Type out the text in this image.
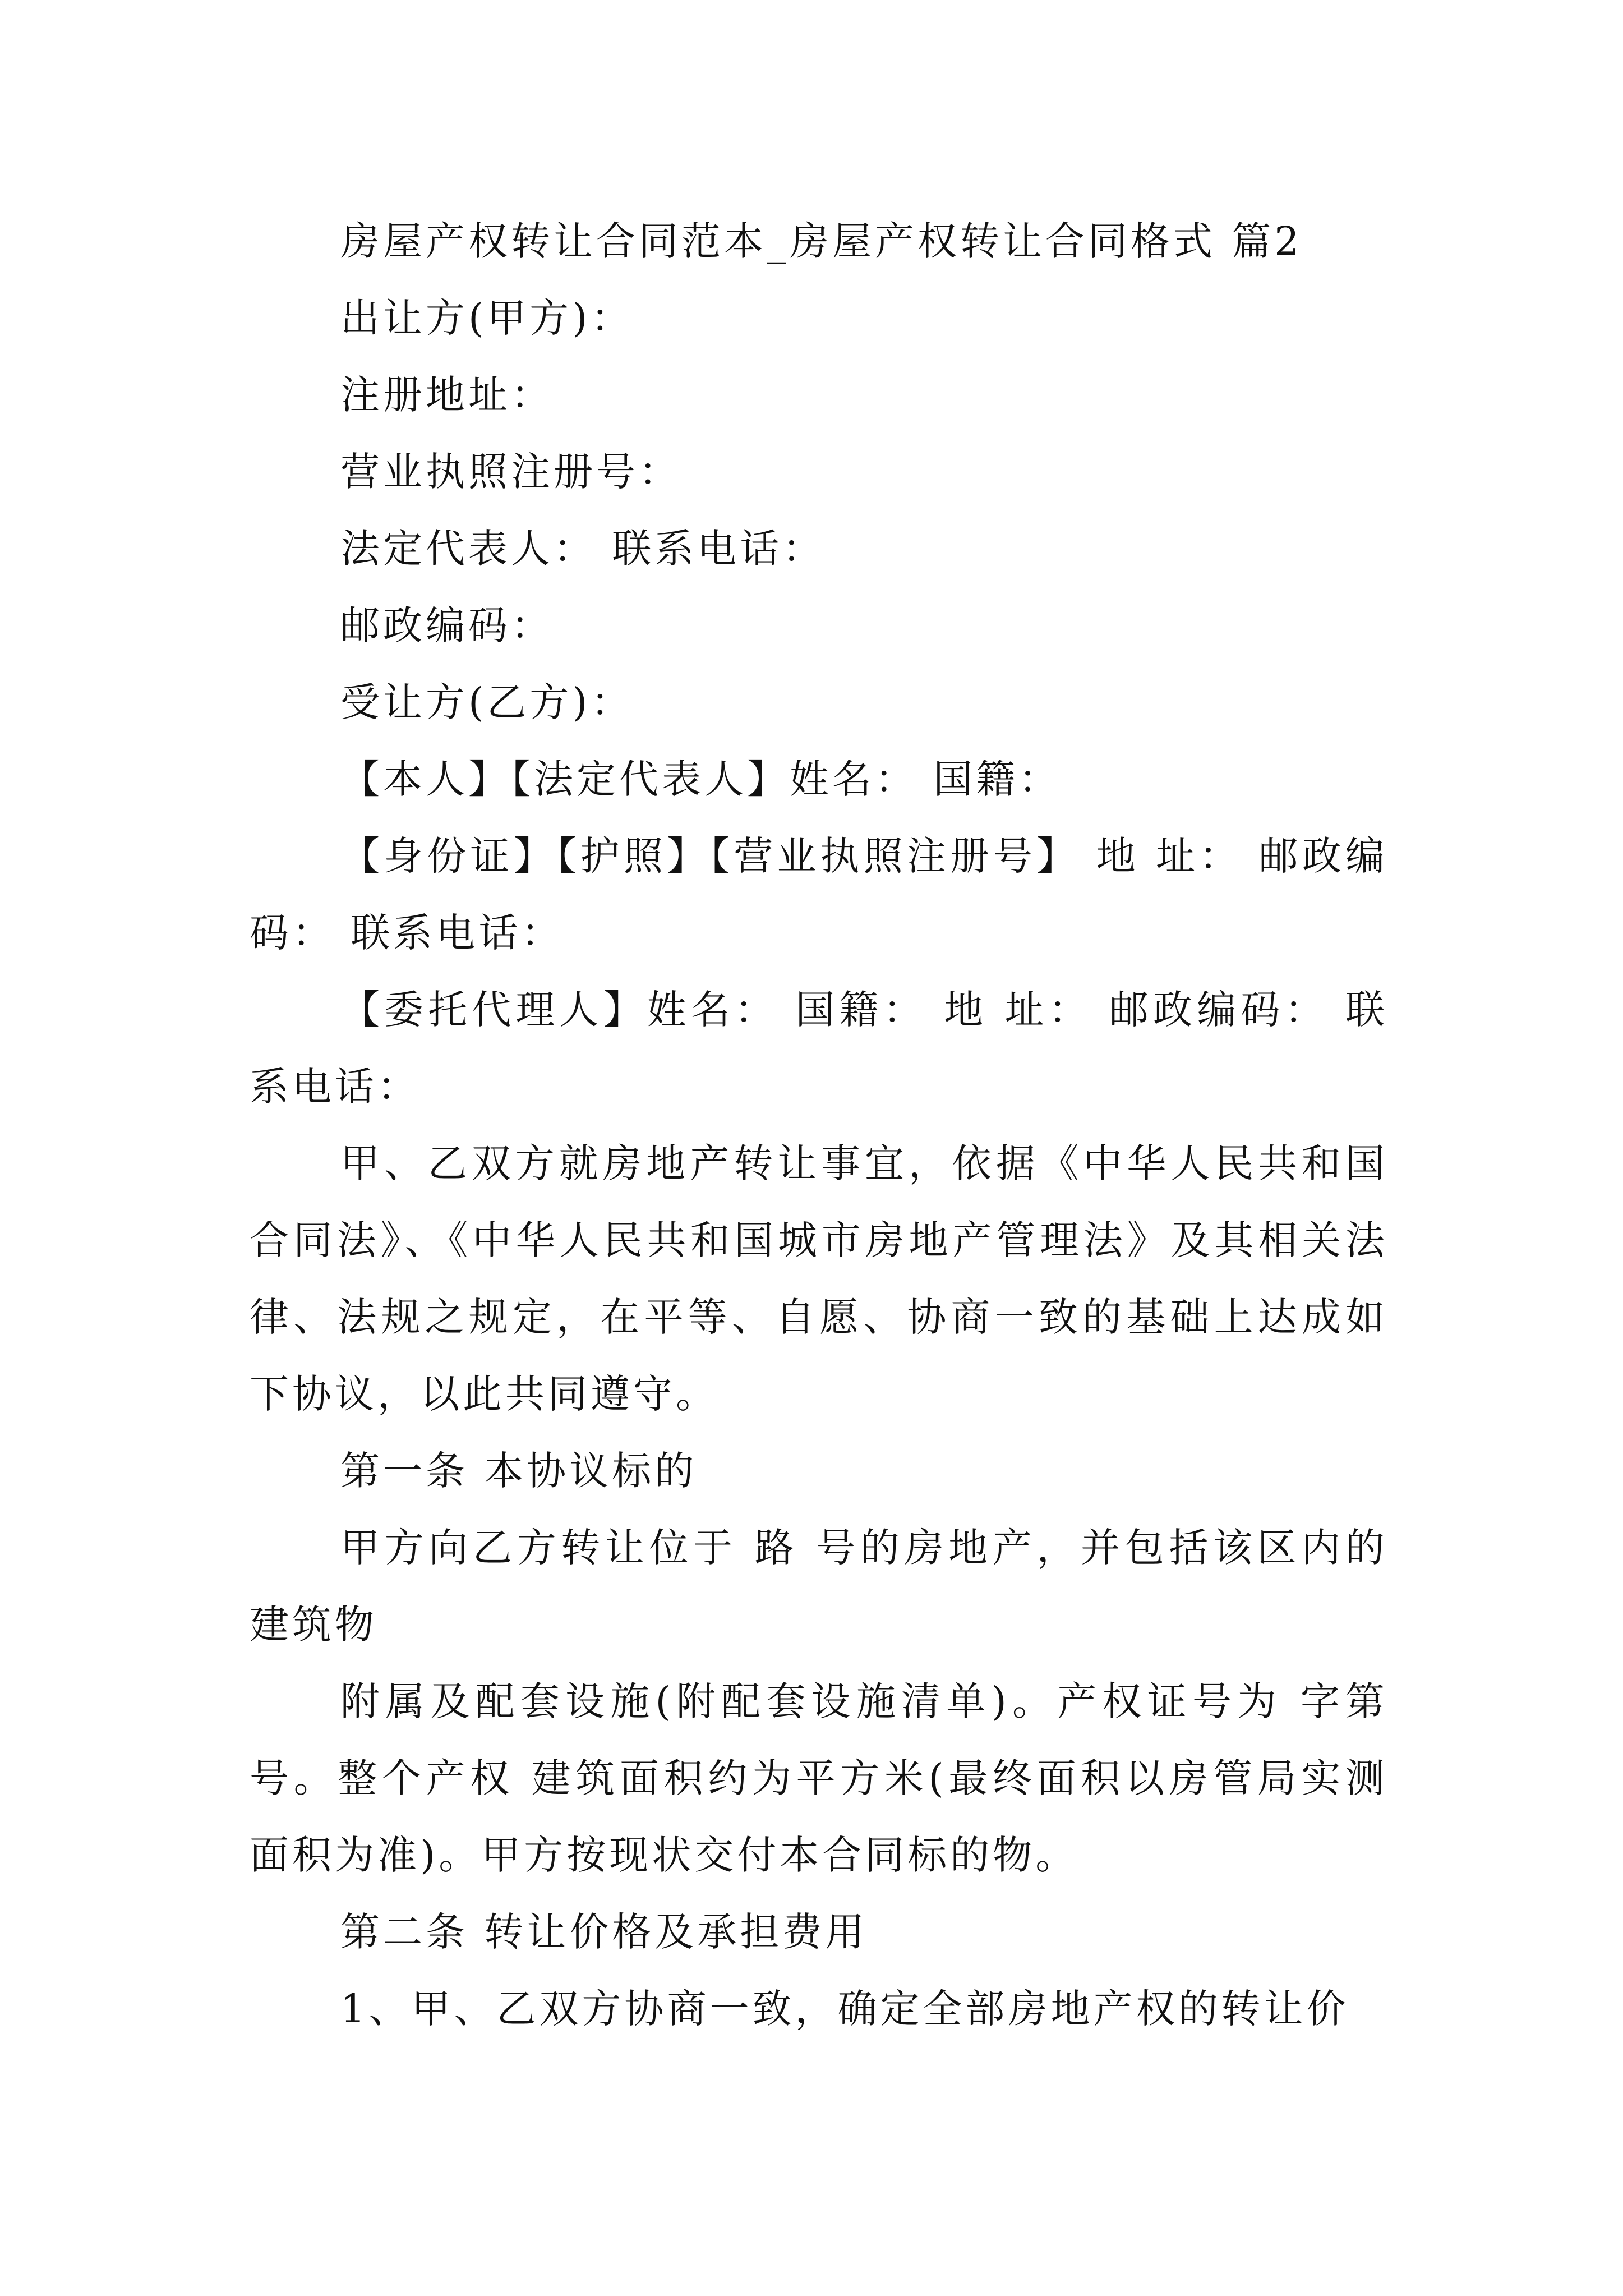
房屋产权转让合同范本_房屋产权转让合同格式 篇2

出让方(甲方)：

注册地址：

营业执照注册号：

法定代表人： 联系电话：

邮政编码：

受让方(乙方)：

【本人】【法定代表人】姓名： 国籍：

【身份证】【护照】【营业执照注册号】 地 址： 邮政编码： 联系电话：

【委托代理人】姓名： 国籍： 地 址： 邮政编码： 联系电话：

甲、乙双方就房地产转让事宜，依据《中华人民共和国合同法》、《中华人民共和国城市房地产管理法》及其相关法律、法规之规定，在平等、自愿、协商一致的基础上达成如下协议，以此共同遵守。

第一条 本协议标的

甲方向乙方转让位于 路 号的房地产，并包括该区内的建筑物

附属及配套设施(附配套设施清单)。产权证号为 字第 号。整个产权 建筑面积约为平方米(最终面积以房管局实测面积为准)。甲方按现状交付本合同标的物。

第二条 转让价格及承担费用

1、甲、乙双方协商一致，确定全部房地产权的转让价
